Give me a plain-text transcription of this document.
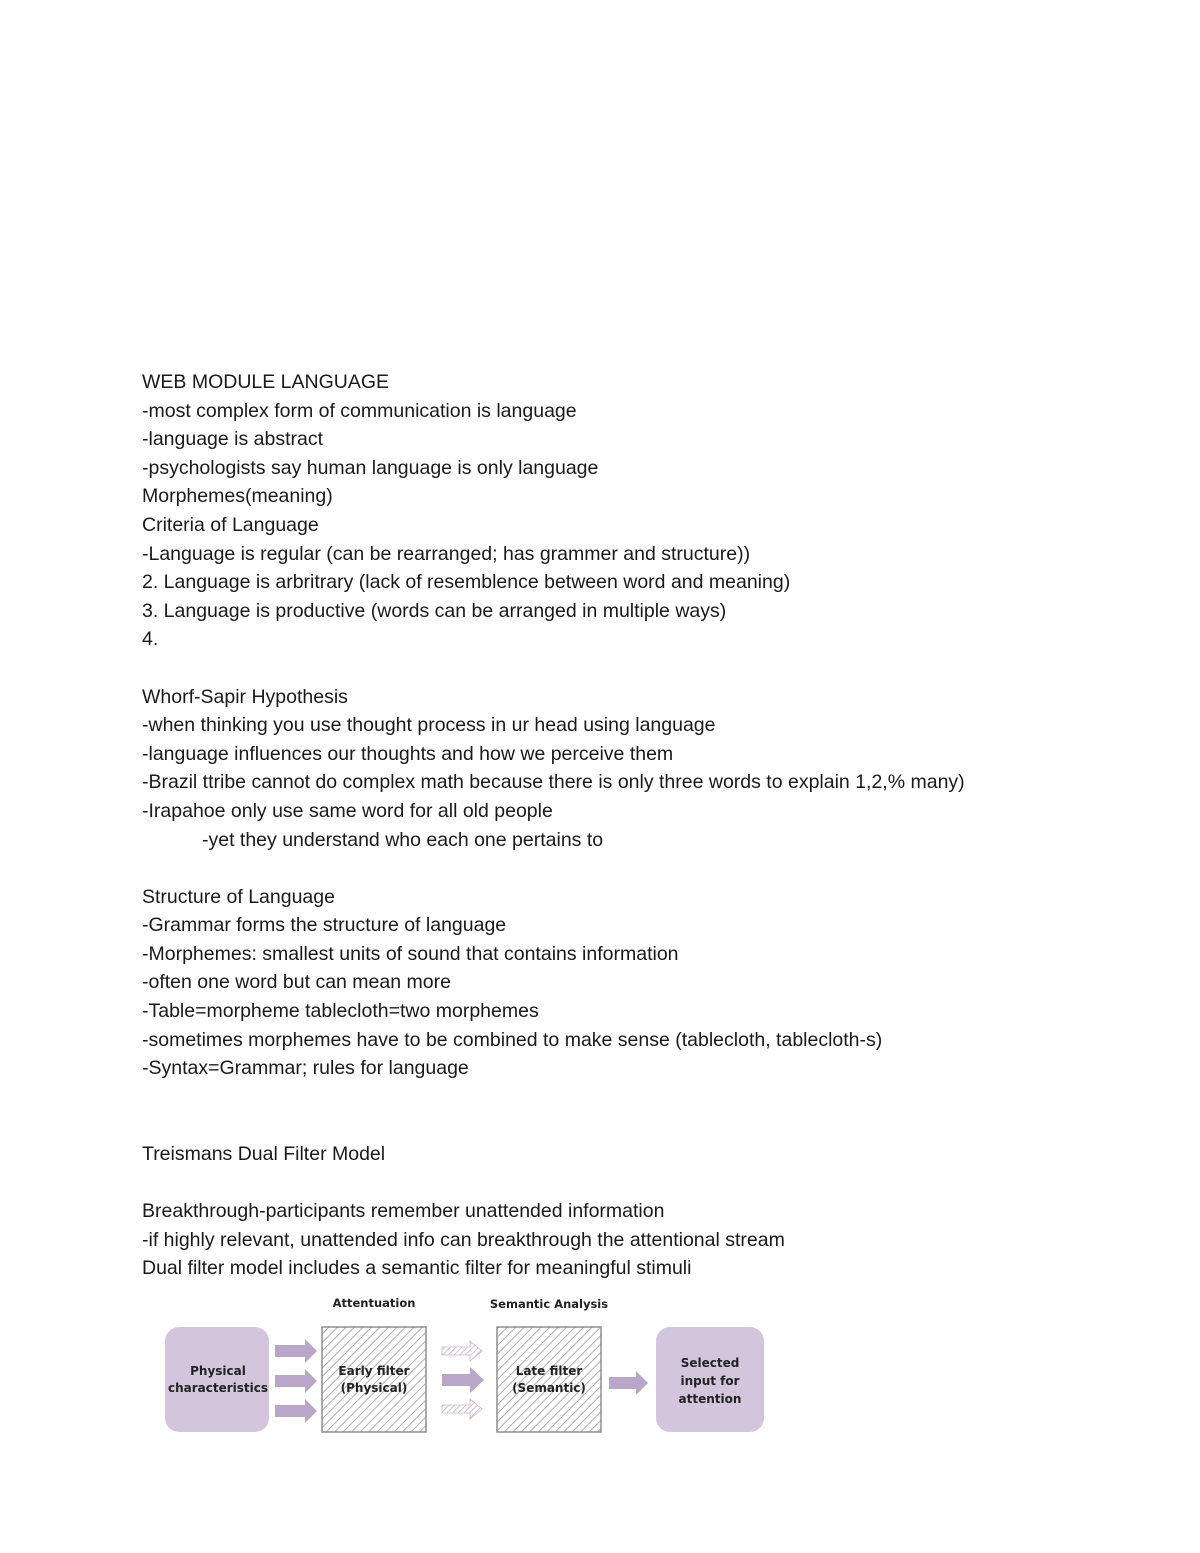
WEB MODULE LANGUAGE
-most complex form of communication is language
-language is abstract
-psychologists say human language is only language
Morphemes(meaning)
Criteria of Language
-Language is regular (can be rearranged; has grammer and structure))
2. Language is arbritrary (lack of resemblence between word and meaning)
3. Language is productive (words can be arranged in multiple ways)
4.
Whorf-Sapir Hypothesis
-when thinking you use thought process in ur head using language
-language influences our thoughts and how we perceive them
-Brazil ttribe cannot do complex math because there is only three words to explain 1,2,% many)
-Irapahoe only use same word for all old people
-yet they understand who each one pertains to
Structure of Language
-Grammar forms the structure of language
-Morphemes: smallest units of sound that contains information
-often one word but can mean more
-Table=morpheme tablecloth=two morphemes
-sometimes morphemes have to be combined to make sense (tablecloth, tablecloth-s)
-Syntax=Grammar; rules for language
Treismans Dual Filter Model
Breakthrough-participants remember unattended information
-if highly relevant, unattended info can breakthrough the attentional stream
Dual filter model includes a semantic filter for meaningful stimuli
Attentuation	Semantic Analysis
Physical
characteristics
Early filter
(Physical)
Late filter
(Semantic)
Selected
input for
attention
